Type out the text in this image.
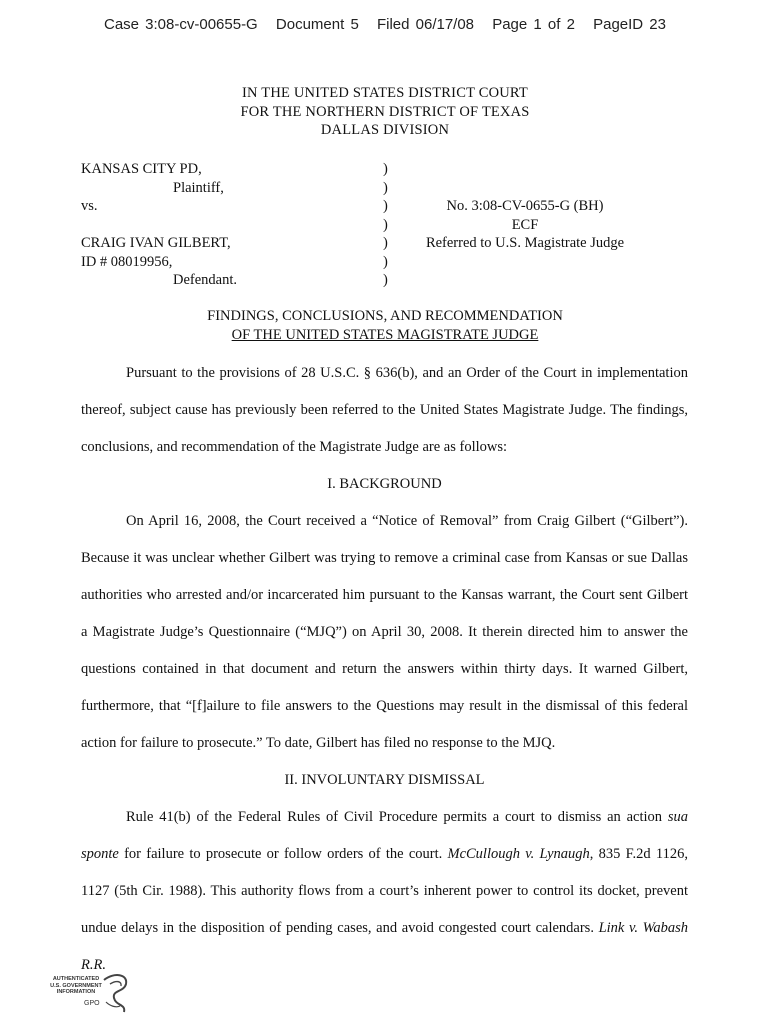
Case 3:08-cv-00655-G Document 5 Filed 06/17/08 Page 1 of 2 PageID 23
IN THE UNITED STATES DISTRICT COURT
FOR THE NORTHERN DISTRICT OF TEXAS
DALLAS DIVISION
KANSAS CITY PD,
Plaintiff,
vs.
CRAIG IVAN GILBERT,
ID # 08019956,
Defendant.
)
)
)
)
)
)
)
No. 3:08-CV-0655-G (BH)
ECF
Referred to U.S. Magistrate Judge
FINDINGS, CONCLUSIONS, AND RECOMMENDATION
OF THE UNITED STATES MAGISTRATE JUDGE

Pursuant to the provisions of 28 U.S.C. § 636(b), and an Order of the Court in implementation thereof, subject cause has previously been referred to the United States Magistrate Judge. The findings, conclusions, and recommendation of the Magistrate Judge are as follows:

I. BACKGROUND

On April 16, 2008, the Court received a “Notice of Removal” from Craig Gilbert (“Gilbert”). Because it was unclear whether Gilbert was trying to remove a criminal case from Kansas or sue Dallas authorities who arrested and/or incarcerated him pursuant to the Kansas warrant, the Court sent Gilbert a Magistrate Judge’s Questionnaire (“MJQ”) on April 30, 2008. It therein directed him to answer the questions contained in that document and return the answers within thirty days. It warned Gilbert, furthermore, that “[f]ailure to file answers to the Questions may result in the dismissal of this federal action for failure to prosecute.” To date, Gilbert has filed no response to the MJQ.

II. INVOLUNTARY DISMISSAL

Rule 41(b) of the Federal Rules of Civil Procedure permits a court to dismiss an action sua sponte for failure to prosecute or follow orders of the court. McCullough v. Lynaugh, 835 F.2d 1126, 1127 (5th Cir. 1988). This authority flows from a court’s inherent power to control its docket, prevent undue delays in the disposition of pending cases, and avoid congested court calendars. Link v. Wabash R.R.

AUTHENTICATED
U.S. GOVERNMENT
INFORMATION
GPO
